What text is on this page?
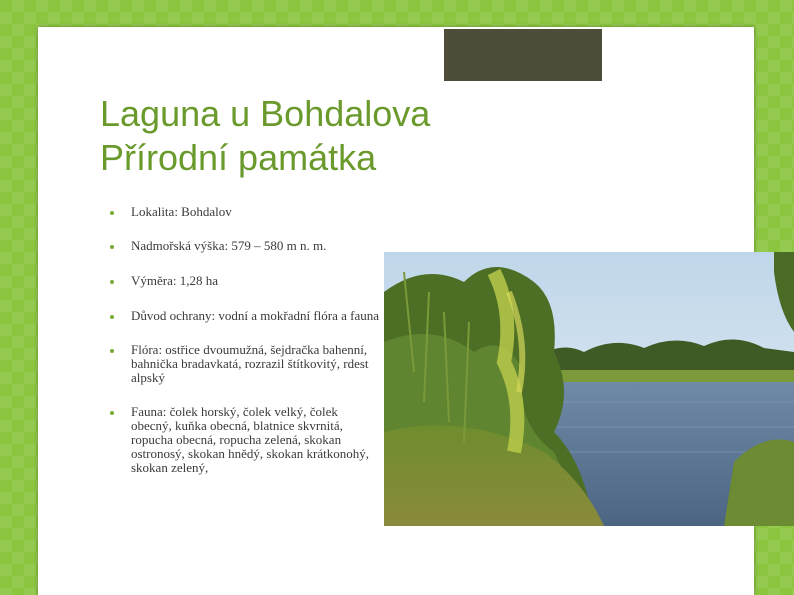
Laguna u Bohdalova
Přírodní památka
Lokalita: Bohdalov
Nadmořská výška: 579 – 580 m n. m.
Výměra: 1,28 ha
Důvod ochrany: vodní a mokřadní flóra a fauna
Flóra: ostřice dvoumužná, šejdračka bahenní, bahnička bradavkatá, rozrazil štítkovitý, rdest alpský
Fauna: čolek horský, čolek velký, čolek obecný, kuňka obecná, blatnice skvrnitá, ropucha obecná, ropucha zelená, skokan ostronosý, skokan hnědý, skokan krátkonohý, skokan zelený,
